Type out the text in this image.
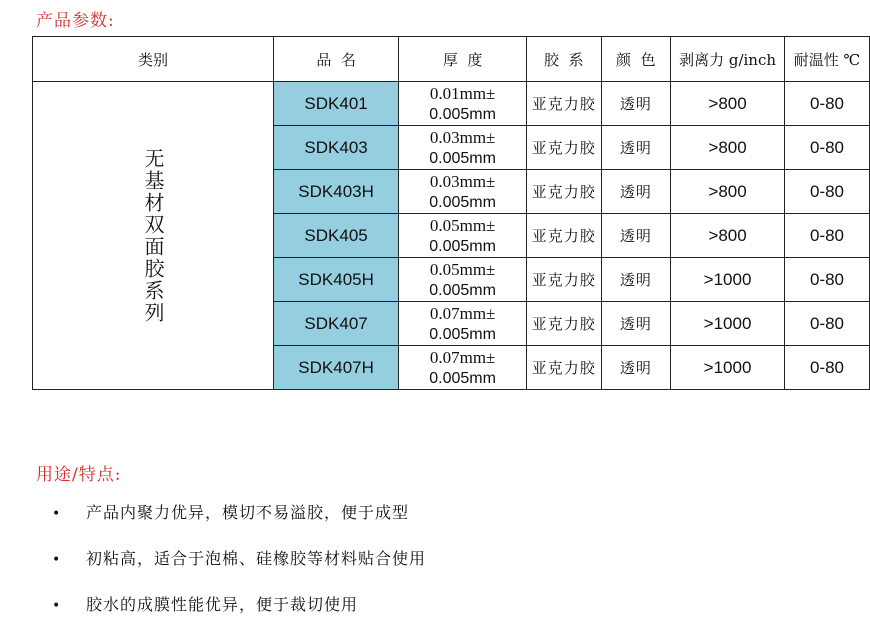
产品参数:
类别	品  名	厚  度	胶  系	颜  色	剥离力 g/inch	耐温性 ℃
无基材双面胶系列	SDK401	0.01mm±
0.005mm	亚克力胶	透明	>800	0-80
	SDK403	0.03mm±
0.005mm	亚克力胶	透明	>800	0-80
	SDK403H	0.03mm±
0.005mm	亚克力胶	透明	>800	0-80
	SDK405	0.05mm±
0.005mm	亚克力胶	透明	>800	0-80
	SDK405H	0.05mm±
0.005mm	亚克力胶	透明	>1000	0-80
	SDK407	0.07mm±
0.005mm	亚克力胶	透明	>1000	0-80
	SDK407H	0.07mm±
0.005mm	亚克力胶	透明	>1000	0-80
用途/特点:
• 产品内聚力优异，模切不易溢胶，便于成型
• 初粘高，适合于泡棉、硅橡胶等材料贴合使用
• 胶水的成膜性能优异，便于裁切使用
